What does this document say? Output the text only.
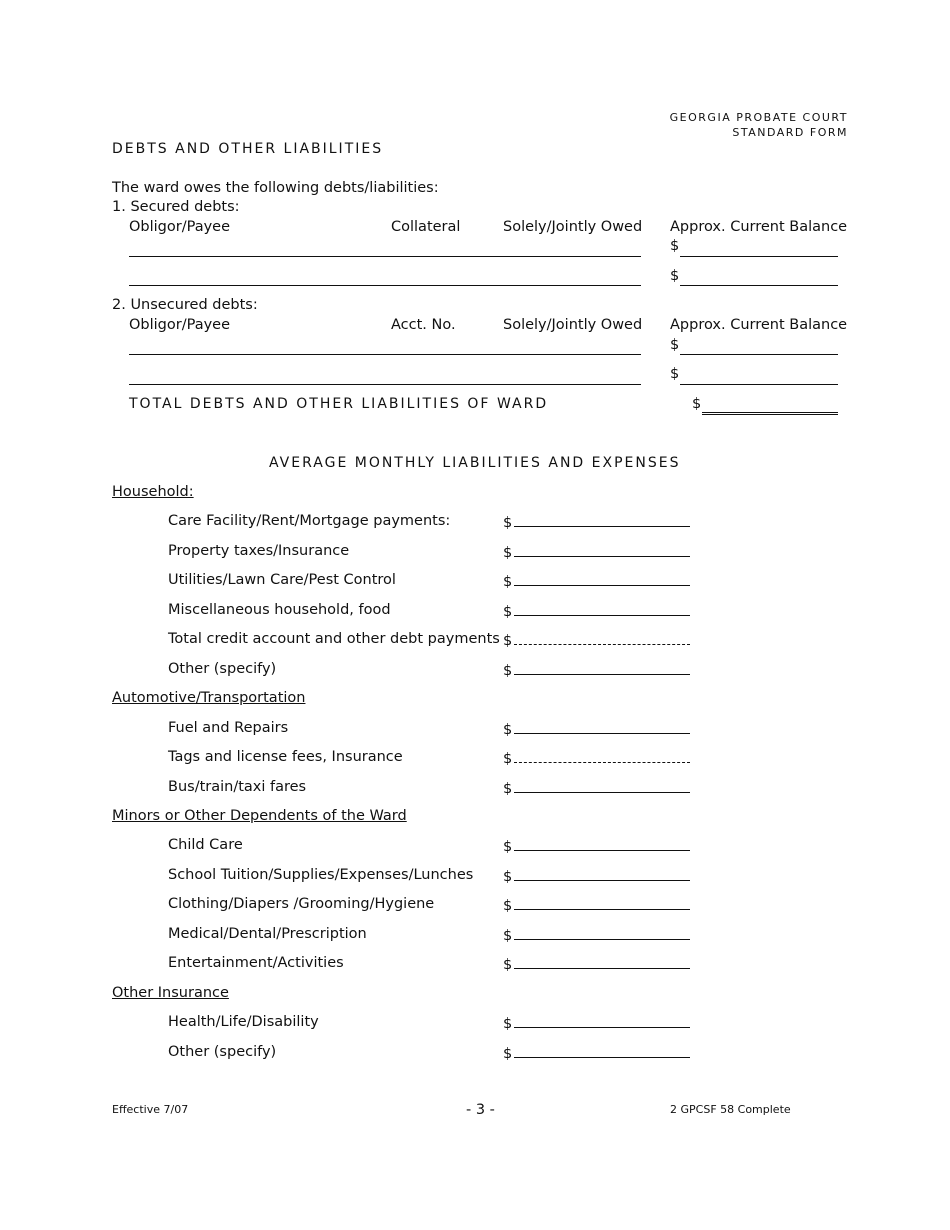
GEORGIA PROBATE COURT
STANDARD FORM
DEBTS AND OTHER LIABILITIES
The ward owes the following debts/liabilities:
1. Secured debts:
Obligor/Payee	Collateral	Solely/Jointly Owed Approx. Current Balance
$
$
2. Unsecured debts:
Obligor/Payee	Acct. No.	Solely/Jointly Owed Approx. Current Balance
$
$
TOTAL DEBTS AND OTHER LIABILITIES OF WARD	$
AVERAGE MONTHLY LIABILITIES AND EXPENSES
Household:
Care Facility/Rent/Mortgage payments:	$
Property taxes/Insurance	$
Utilities/Lawn Care/Pest Control	$
Miscellaneous household, food	$
Total credit account and other debt payments $
Other (specify)	$
Automotive/Transportation
Fuel and Repairs	$
Tags and license fees, Insurance	$
Bus/train/taxi fares	$
Minors or Other Dependents of the Ward
Child Care	$
School Tuition/Supplies/Expenses/Lunches $
Clothing/Diapers /Grooming/Hygiene	$
Medical/Dental/Prescription	$
Entertainment/Activities	$
Other Insurance
Health/Life/Disability	$
Other (specify)	$
Effective 7/07	- 3 -	2 GPCSF 58 Complete
